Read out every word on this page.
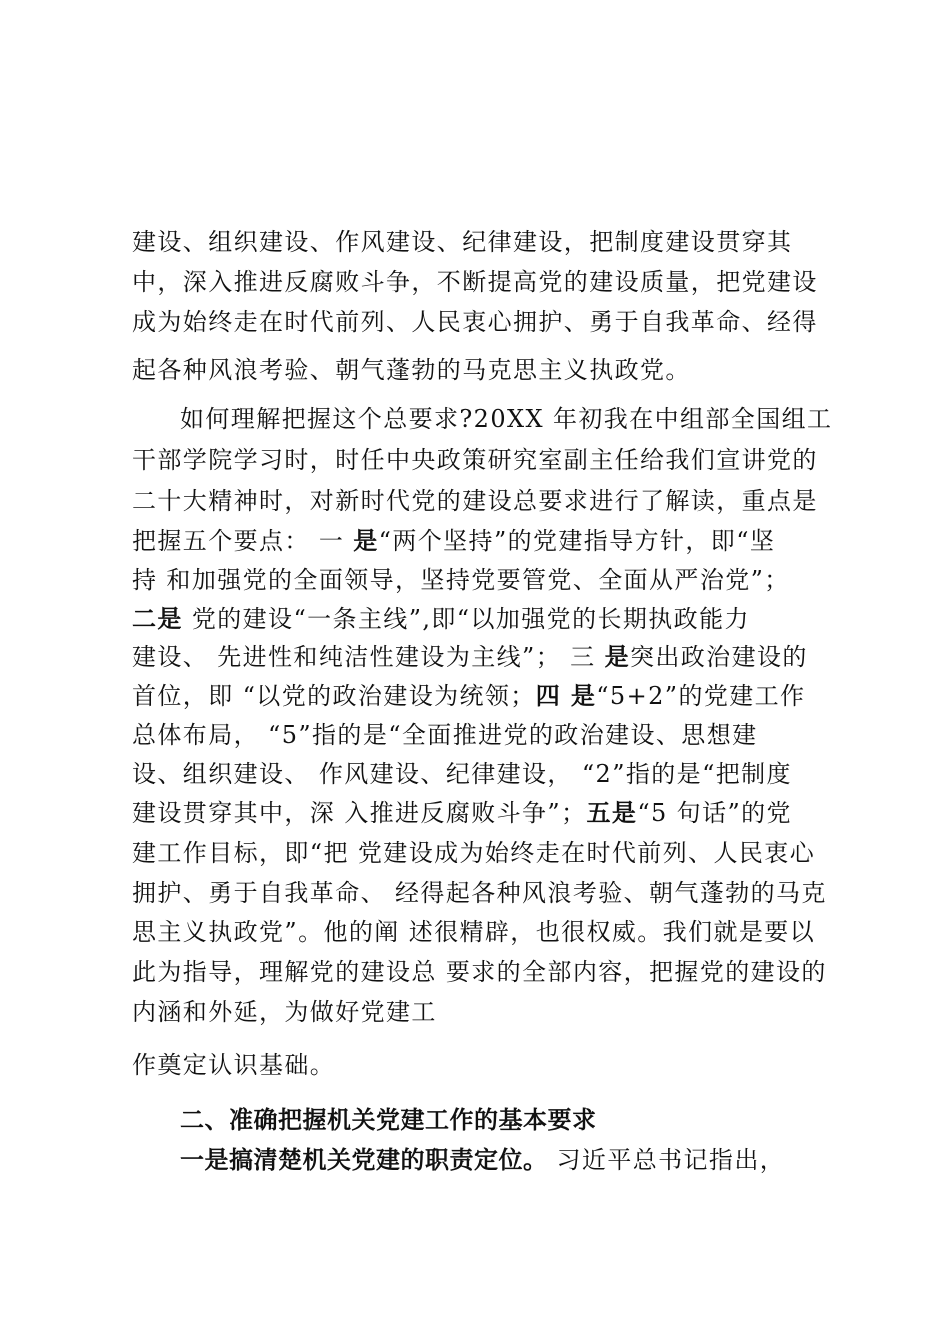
建设、组织建设、作风建设、纪律建设，把制度建设贯穿其
中，深入推进反腐败斗争，不断提高党的建设质量，把党建设
成为始终走在时代前列、人民衷心拥护、勇于自我革命、经得
起各种风浪考验、朝气蓬勃的马克思主义执政党。
如何理解把握这个总要求?20XX 年初我在中组部全国组工
干部学院学习时，时任中央政策研究室副主任给我们宣讲党的
二十大精神时，对新时代党的建设总要求进行了解读，重点是
把握五个要点： 一 是“两个坚持”的党建指导方针，即“坚
持 和加强党的全面领导，坚持党要管党、全面从严治党”；
二是 党的建设“一条主线”,即“以加强党的长期执政能力
建设、 先进性和纯洁性建设为主线”； 三 是突出政治建设的
首位，即 “以党的政治建设为统领；四 是“5+2”的党建工作
总体布局， “5”指的是“全面推进党的政治建设、思想建
设、组织建设、 作风建设、纪律建设， “2”指的是“把制度
建设贯穿其中，深 入推进反腐败斗争”；五是“5 句话”的党
建工作目标，即“把 党建设成为始终走在时代前列、人民衷心
拥护、勇于自我革命、 经得起各种风浪考验、朝气蓬勃的马克
思主义执政党”。他的阐 述很精辟，也很权威。我们就是要以
此为指导，理解党的建设总 要求的全部内容，把握党的建设的
内涵和外延，为做好党建工
作奠定认识基础。
二、准确把握机关党建工作的基本要求
一是搞清楚机关党建的职责定位。 习近平总书记指出，
